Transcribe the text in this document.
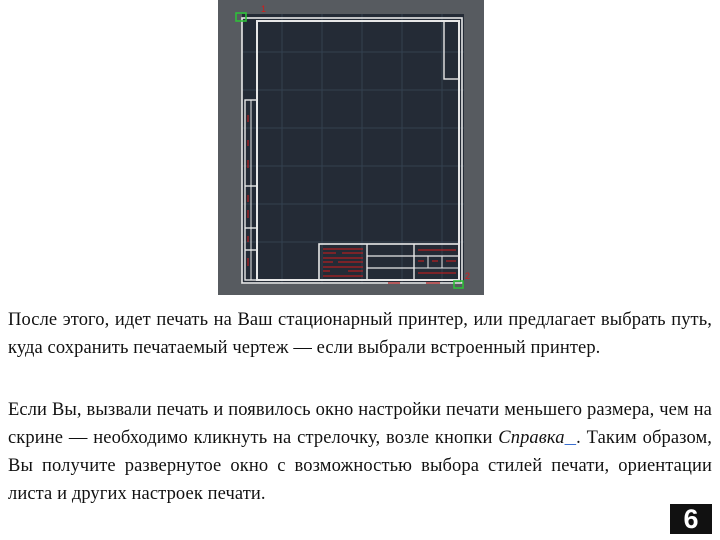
1
2

После этого, идет печать на Ваш стационарный принтер, или предлагает выбрать путь, куда сохранить печатаемый чертеж — если выбрали встроенный принтер.

Если Вы, вызвали печать и появилось окно настройки печати меньшего размера, чем на скрине — необходимо кликнуть на стрелочку, возле кнопки Справка . Таким образом, Вы получите развернутое окно с возможностью выбора стилей печати, ориентации листа и других настроек печати.

6
